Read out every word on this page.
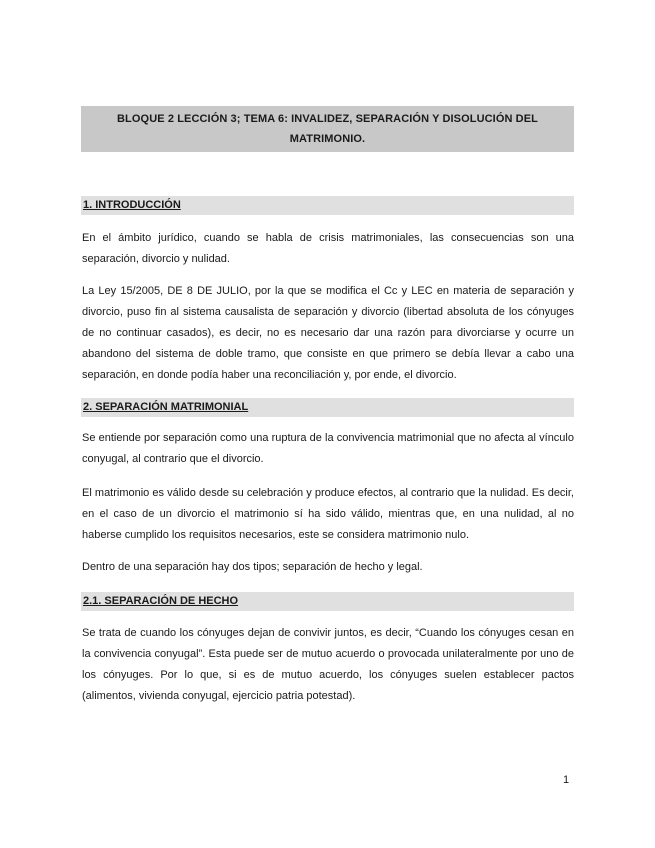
BLOQUE 2 LECCIÓN 3; TEMA 6: INVALIDEZ, SEPARACIÓN Y DISOLUCIÓN DEL MATRIMONIO.
1. INTRODUCCIÓN

En el ámbito jurídico, cuando se habla de crisis matrimoniales, las consecuencias son una separación, divorcio y nulidad.

La Ley 15/2005, DE 8 DE JULIO, por la que se modifica el Cc y LEC en materia de separación y divorcio, puso fin al sistema causalista de separación y divorcio (libertad absoluta de los cónyuges de no continuar casados), es decir, no es necesario dar una razón para divorciarse y ocurre un abandono del sistema de doble tramo, que consiste en que primero se debía llevar a cabo una separación, en donde podía haber una reconciliación y, por ende, el divorcio.

2. SEPARACIÓN MATRIMONIAL

Se entiende por separación como una ruptura de la convivencia matrimonial que no afecta al vínculo conyugal, al contrario que el divorcio.

El matrimonio es válido desde su celebración y produce efectos, al contrario que la nulidad. Es decir, en el caso de un divorcio el matrimonio sí ha sido válido, mientras que, en una nulidad, al no haberse cumplido los requisitos necesarios, este se considera matrimonio nulo.

Dentro de una separación hay dos tipos; separación de hecho y legal.

2.1. SEPARACIÓN DE HECHO

Se trata de cuando los cónyuges dejan de convivir juntos, es decir, “Cuando los cónyuges cesan en la convivencia conyugal”. Esta puede ser de mutuo acuerdo o provocada unilateralmente por uno de los cónyuges. Por lo que, si es de mutuo acuerdo, los cónyuges suelen establecer pactos (alimentos, vivienda conyugal, ejercicio patria potestad).

1
